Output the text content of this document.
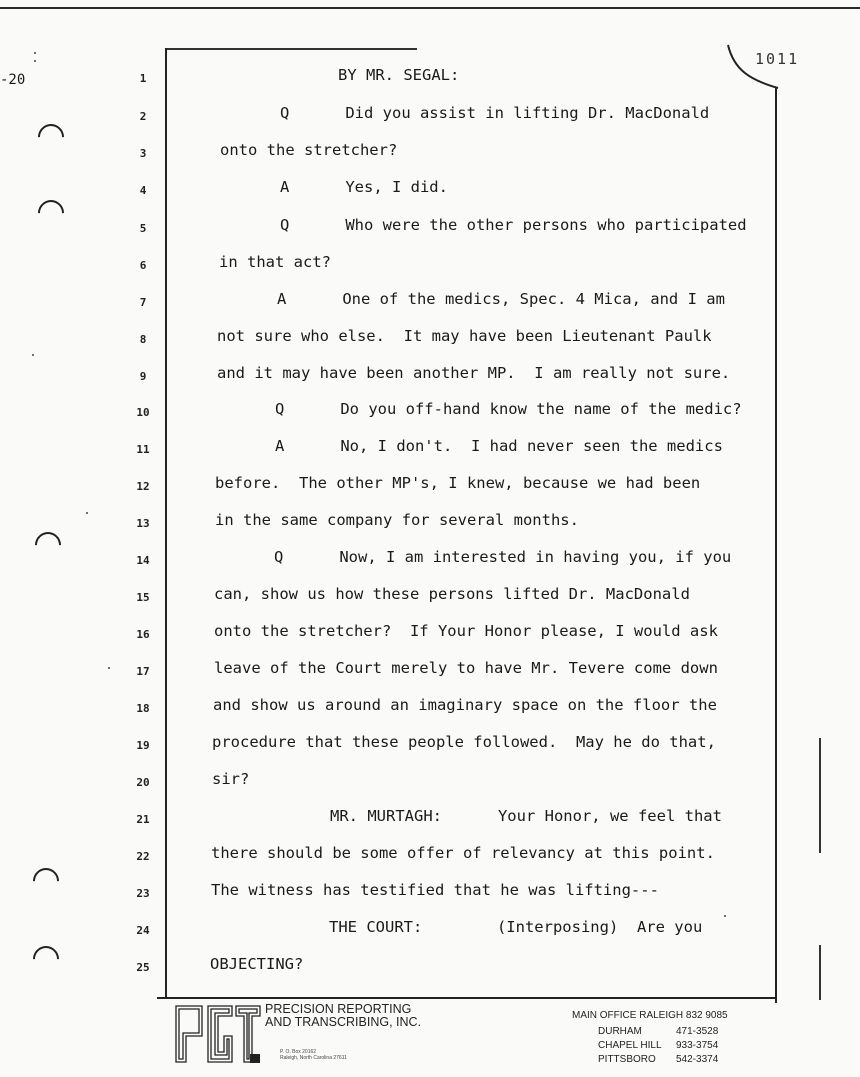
-20
1011
1	BY MR. SEGAL:
2	Q      Did you assist in lifting Dr. MacDonald
3	onto the stretcher?
4	A      Yes, I did.
5	Q      Who were the other persons who participated
6	in that act?
7	A      One of the medics, Spec. 4 Mica, and I am
8	not sure who else.  It may have been Lieutenant Paulk
9	and it may have been another MP.  I am really not sure.
10	Q      Do you off-hand know the name of the medic?
11	A      No, I don't.  I had never seen the medics
12	before.  The other MP's, I knew, because we had been
13	in the same company for several months.
14	Q      Now, I am interested in having you, if you
15	can, show us how these persons lifted Dr. MacDonald
16	onto the stretcher?  If Your Honor please, I would ask
17	leave of the Court merely to have Mr. Tevere come down
18	and show us around an imaginary space on the floor the
19	procedure that these people followed.  May he do that,
20	sir?
21	MR. MURTAGH:      Your Honor, we feel that
22	there should be some offer of relevancy at this point.
23	The witness has testified that he was lifting---
24	THE COURT:        (Interposing)  Are you
25	OBJECTING?
PRECISION REPORTING
AND TRANSCRIBING, INC.
P. O. Box 20162
Raleigh, North Carolina 27611
MAIN OFFICE RALEIGH 832 9085
DURHAM	471-3528
CHAPEL HILL 933-3754
PITTSBORO 542-3374
